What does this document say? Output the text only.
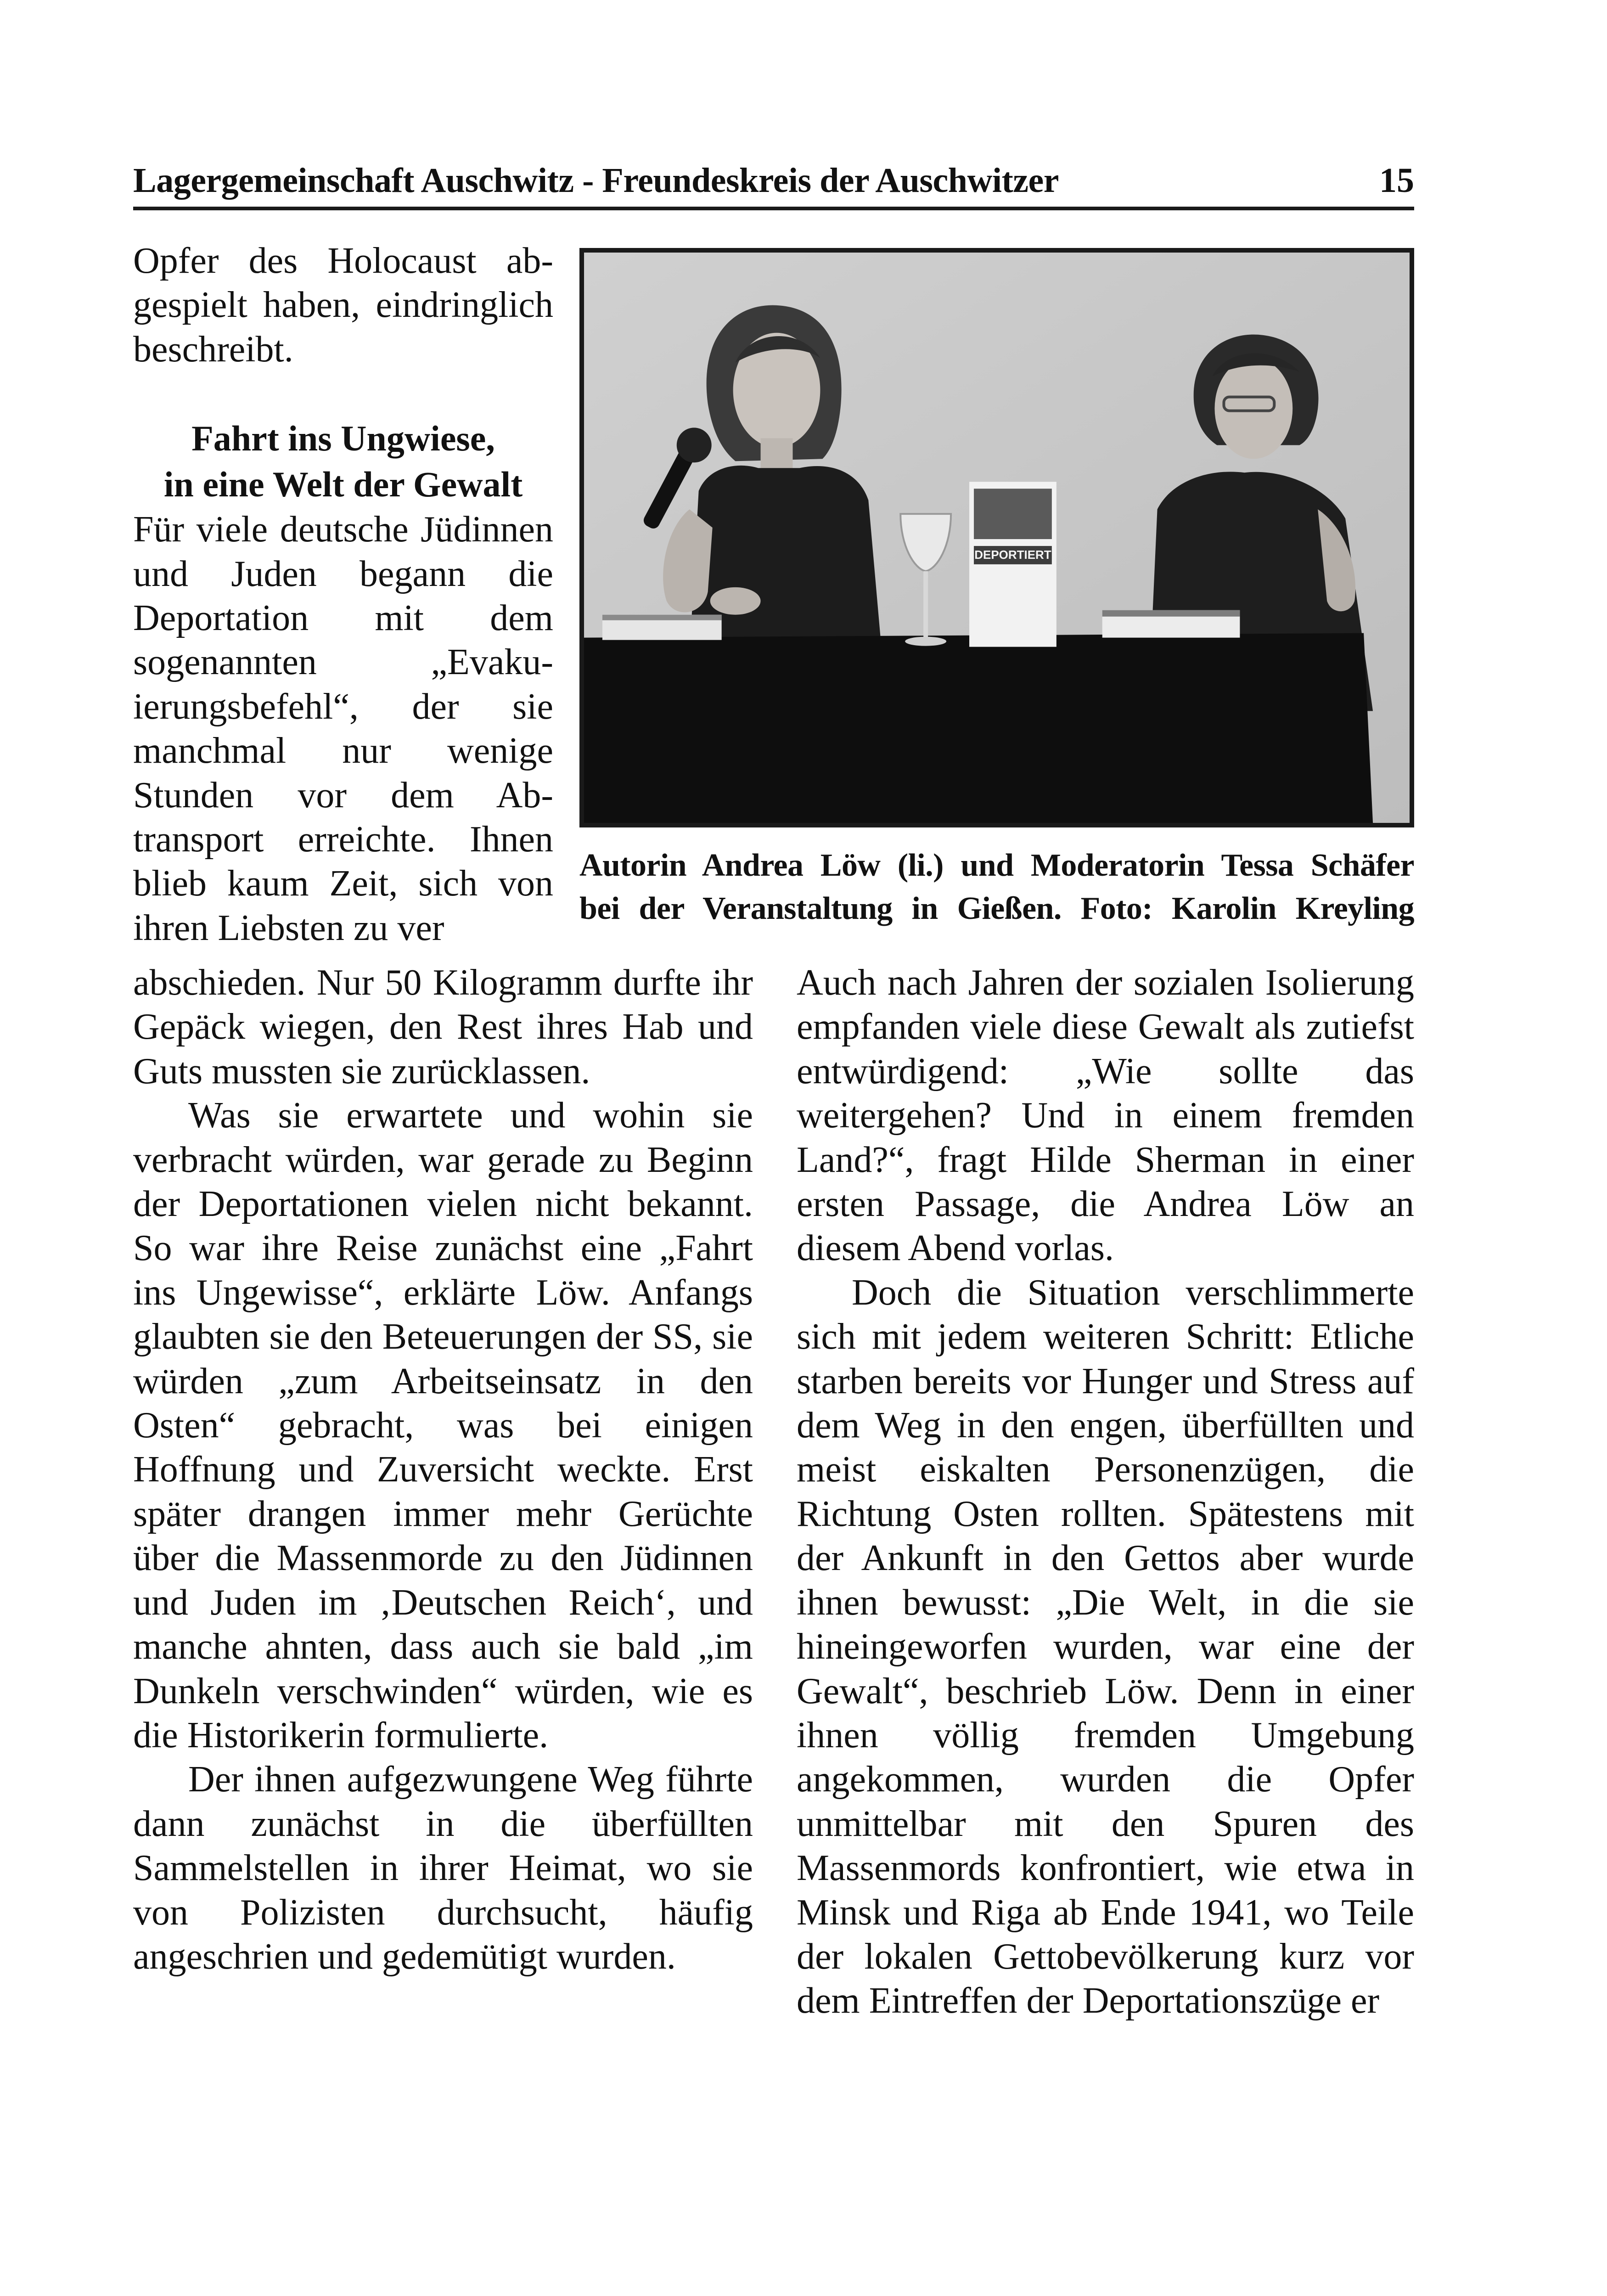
Lagergemeinschaft Auschwitz - Freundeskreis der Auschwitzer	15

Opfer des Holocaust abgespielt haben, eindringlich beschreibt.

Fahrt ins Ungwiese,
in eine Welt der Gewalt

Für viele deutsche Jüdinnen und Juden begann die Deportation mit dem sogenannten „Evakuierungsbefehl“, der sie manchmal nur wenige Stunden vor dem Abtransport erreichte. Ihnen blieb kaum Zeit, sich von ihren Liebsten zu ver

DEPORTIERT
Autorin Andrea Löw (li.) und Moderatorin Tessa Schäfer
bei der Veranstaltung in Gießen. Foto: Karolin Kreyling

abschieden. Nur 50 Kilogramm durfte ihr Gepäck wiegen, den Rest ihres Hab und Guts mussten sie zurücklassen.

Was sie erwartete und wohin sie verbracht würden, war gerade zu Beginn der Deportationen vielen nicht bekannt. So war ihre Reise zunächst eine „Fahrt ins Ungewisse“, erklärte Löw. Anfangs glaubten sie den Beteuerungen der SS, sie würden „zum Arbeitseinsatz in den Osten“ gebracht, was bei einigen Hoffnung und Zuversicht weckte. Erst später drangen immer mehr Gerüchte über die Massenmorde zu den Jüdinnen und Juden im ‚Deutschen Reich‘, und manche ahnten, dass auch sie bald „im Dunkeln verschwinden“ würden, wie es die Historikerin formulierte.

Der ihnen aufgezwungene Weg führte dann zunächst in die überfüllten Sammelstellen in ihrer Heimat, wo sie von Polizisten durchsucht, häufig angeschrien und gedemütigt wurden.

Auch nach Jahren der sozialen Isolierung empfanden viele diese Gewalt als zutiefst entwürdigend: „Wie sollte das weitergehen? Und in einem fremden Land?“, fragt Hilde Sherman in einer ersten Passage, die Andrea Löw an diesem Abend vorlas.

Doch die Situation verschlimmerte sich mit jedem weiteren Schritt: Etliche starben bereits vor Hunger und Stress auf dem Weg in den engen, überfüllten und meist eiskalten Personenzügen, die Richtung Osten rollten. Spätestens mit der Ankunft in den Gettos aber wurde ihnen bewusst: „Die Welt, in die sie hineingeworfen wurden, war eine der Gewalt“, beschrieb Löw. Denn in einer ihnen völlig fremden Umgebung angekommen, wurden die Opfer unmittelbar mit den Spuren des Massenmords konfrontiert, wie etwa in Minsk und Riga ab Ende 1941, wo Teile der lokalen Gettobevölkerung kurz vor dem Eintreffen der Deportationszüge er
